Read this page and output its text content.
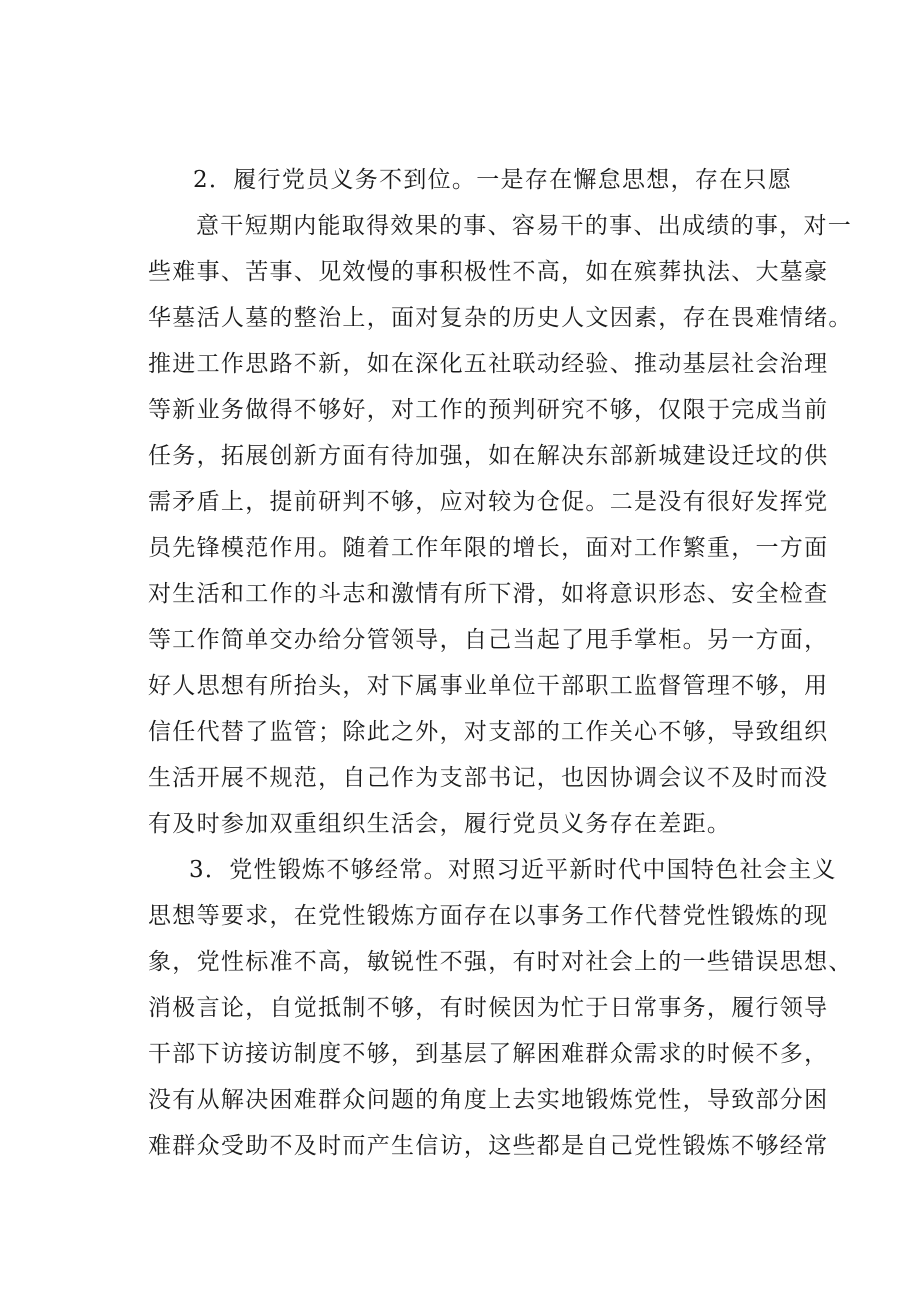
2．履行党员义务不到位。一是存在懈怠思想，存在只愿
意干短期内能取得效果的事、容易干的事、出成绩的事，对一
些难事、苦事、见效慢的事积极性不高，如在殡葬执法、大墓豪
华墓活人墓的整治上，面对复杂的历史人文因素，存在畏难情绪。
推进工作思路不新，如在深化五社联动经验、推动基层社会治理
等新业务做得不够好，对工作的预判研究不够，仅限于完成当前
任务，拓展创新方面有待加强，如在解决东部新城建设迁坟的供
需矛盾上，提前研判不够，应对较为仓促。二是没有很好发挥党
员先锋模范作用。随着工作年限的增长，面对工作繁重，一方面
对生活和工作的斗志和激情有所下滑，如将意识形态、安全检查
等工作简单交办给分管领导，自己当起了甩手掌柜。另一方面，
好人思想有所抬头，对下属事业单位干部职工监督管理不够，用
信任代替了监管；除此之外，对支部的工作关心不够，导致组织
生活开展不规范，自己作为支部书记，也因协调会议不及时而没
有及时参加双重组织生活会，履行党员义务存在差距。
3．党性锻炼不够经常。对照习近平新时代中国特色社会主义
思想等要求，在党性锻炼方面存在以事务工作代替党性锻炼的现
象，党性标准不高，敏锐性不强，有时对社会上的一些错误思想、
消极言论，自觉抵制不够，有时候因为忙于日常事务，履行领导
干部下访接访制度不够，到基层了解困难群众需求的时候不多，
没有从解决困难群众问题的角度上去实地锻炼党性，导致部分困
难群众受助不及时而产生信访，这些都是自己党性锻炼不够经常
